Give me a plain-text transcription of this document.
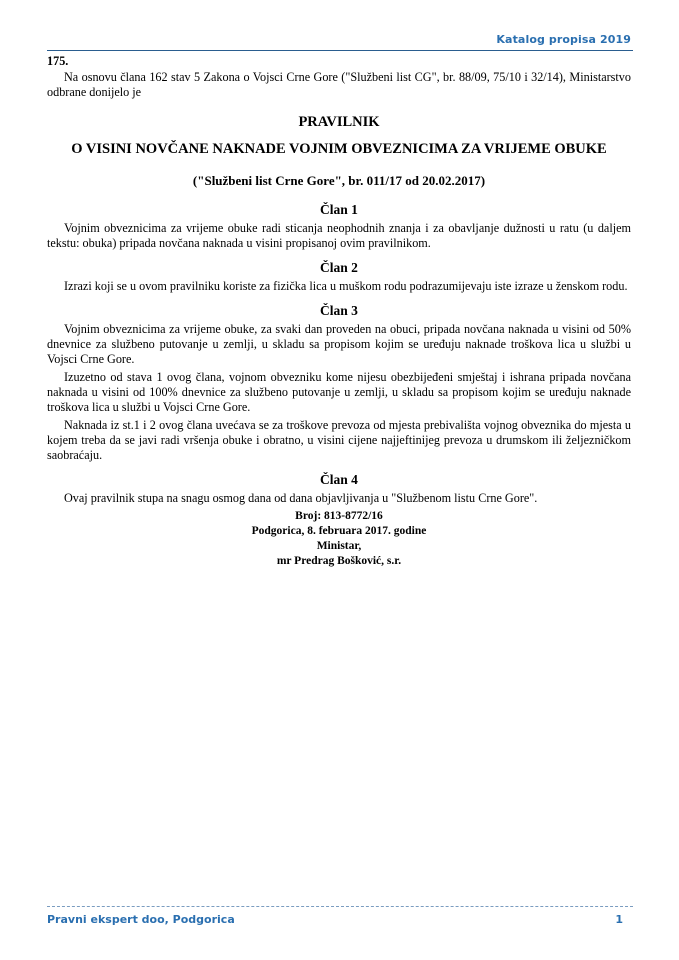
Katalog propisa 2019

175.

Na osnovu člana 162 stav 5 Zakona o Vojsci Crne Gore ("Službeni list CG", br. 88/09, 75/10 i 32/14), Ministarstvo odbrane donijelo je

PRAVILNIK

O VISINI NOVČANE NAKNADE VOJNIM OBVEZNICIMA ZA VRIJEME OBUKE

("Službeni list Crne Gore", br. 011/17 od 20.02.2017)

Član 1

Vojnim obveznicima za vrijeme obuke radi sticanja neophodnih znanja i za obavljanje dužnosti u ratu (u daljem tekstu: obuka) pripada novčana naknada u visini propisanoj ovim pravilnikom.

Član 2

Izrazi koji se u ovom pravilniku koriste za fizička lica u muškom rodu podrazumijevaju iste izraze u ženskom rodu.

Član 3

Vojnim obveznicima za vrijeme obuke, za svaki dan proveden na obuci, pripada novčana naknada u visini od 50% dnevnice za službeno putovanje u zemlji, u skladu sa propisom kojim se uređuju naknade troškova lica u službi u Vojsci Crne Gore.

Izuzetno od stava 1 ovog člana, vojnom obvezniku kome nijesu obezbijeđeni smještaj i ishrana pripada novčana naknada u visini od 100% dnevnice za službeno putovanje u zemlji, u skladu sa propisom kojim se uređuju naknade troškova lica u službi u Vojsci Crne Gore.

Naknada iz st.1 i 2 ovog člana uvećava se za troškove prevoza od mjesta prebivališta vojnog obveznika do mjesta u kojem treba da se javi radi vršenja obuke i obratno, u visini cijene najjeftinijeg prevoza u drumskom ili željezničkom saobraćaju.

Član 4

Ovaj pravilnik stupa na snagu osmog dana od dana objavljivanja u "Službenom listu Crne Gore".

Broj: 813-8772/16

Podgorica, 8. februara 2017. godine

Ministar,

mr Predrag Bošković, s.r.

Pravni ekspert doo, Podgorica	1
